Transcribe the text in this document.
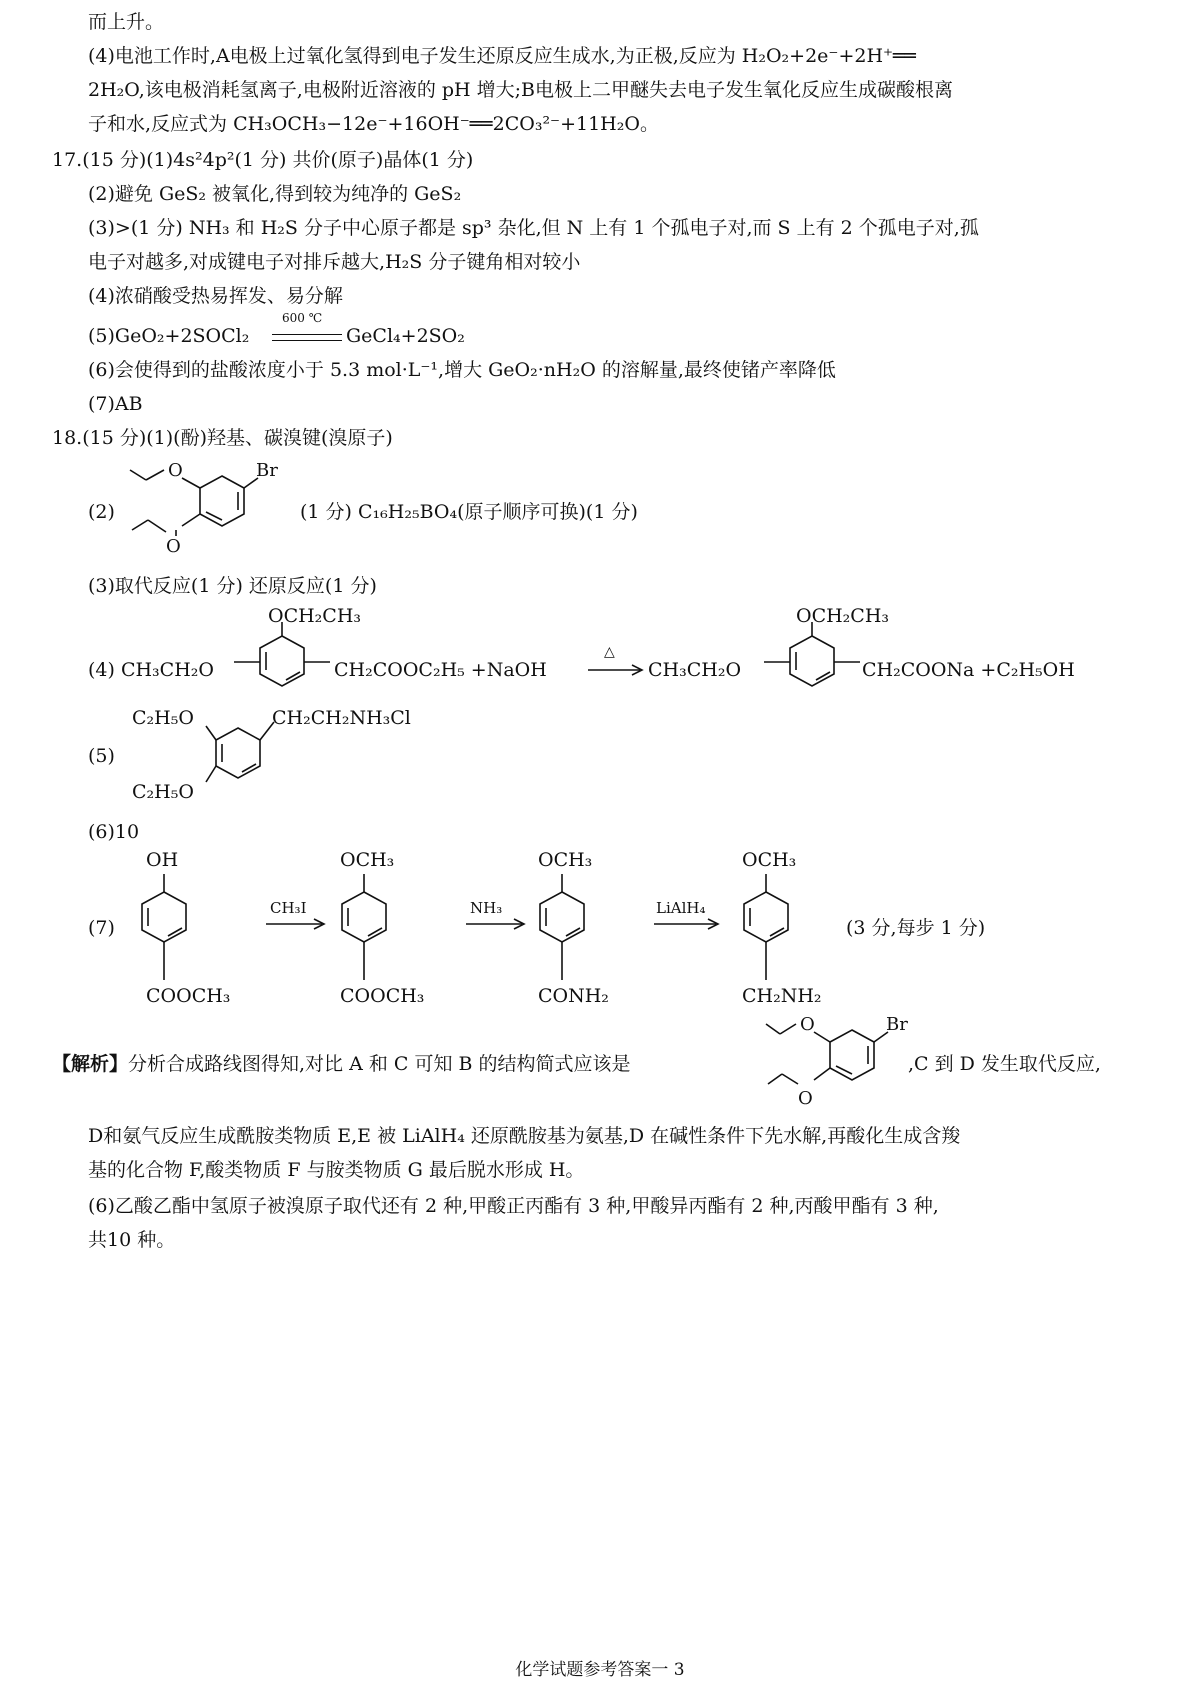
而上升。
(4)电池工作时,A电极上过氧化氢得到电子发生还原反应生成水,为正极,反应为 H₂O₂+2e⁻+2H⁺══
2H₂O,该电极消耗氢离子,电极附近溶液的 pH 增大;B电极上二甲醚失去电子发生氧化反应生成碳酸根离
子和水,反应式为 CH₃OCH₃−12e⁻+16OH⁻══2CO₃²⁻+11H₂O。
17.(15 分)(1)4s²4p²(1 分) 共价(原子)晶体(1 分)
(2)避免 GeS₂ 被氧化,得到较为纯净的 GeS₂
(3)>(1 分) NH₃ 和 H₂S 分子中心原子都是 sp³ 杂化,但 N 上有 1 个孤电子对,而 S 上有 2 个孤电子对,孤
电子对越多,对成键电子对排斥越大,H₂S 分子键角相对较小
(4)浓硝酸受热易挥发、易分解
(5)GeO₂+2SOCl₂
600 ℃
GeCl₄+2SO₂
(6)会使得到的盐酸浓度小于 5.3 mol·L⁻¹,增大 GeO₂·nH₂O 的溶解量,最终使锗产率降低
(7)AB
18.(15 分)(1)(酚)羟基、碳溴键(溴原子)
(2)
Br
O
O
(1 分) C₁₆H₂₅BO₄(原子顺序可换)(1 分)
(3)取代反应(1 分) 还原反应(1 分)
(4) CH₃CH₂O
OCH₂CH₃
CH₂COOC₂H₅ +NaOH
△
→ CH₃CH₂O
OCH₂CH₃
CH₂COONa +C₂H₅OH
(5)
C₂H₅O	CH₂CH₂NH₃Cl
C₂H₅O
(6)10
(7)
OH
COOCH₃
CH₃I
OCH₃
COOCH₃
NH₃
OCH₃
CONH₂
LiAlH₄
OCH₃
CH₂NH₂
(3 分,每步 1 分)
【解析】分析合成路线图得知,对比 A 和 C 可知 B 的结构简式应该是
Br
O
O
,C 到 D 发生取代反应,
D和氨气反应生成酰胺类物质 E,E 被 LiAlH₄ 还原酰胺基为氨基,D 在碱性条件下先水解,再酸化生成含羧
基的化合物 F,酸类物质 F 与胺类物质 G 最后脱水形成 H。
(6)乙酸乙酯中氢原子被溴原子取代还有 2 种,甲酸正丙酯有 3 种,甲酸异丙酯有 2 种,丙酸甲酯有 3 种,
共10 种。
化学试题参考答案一 3
